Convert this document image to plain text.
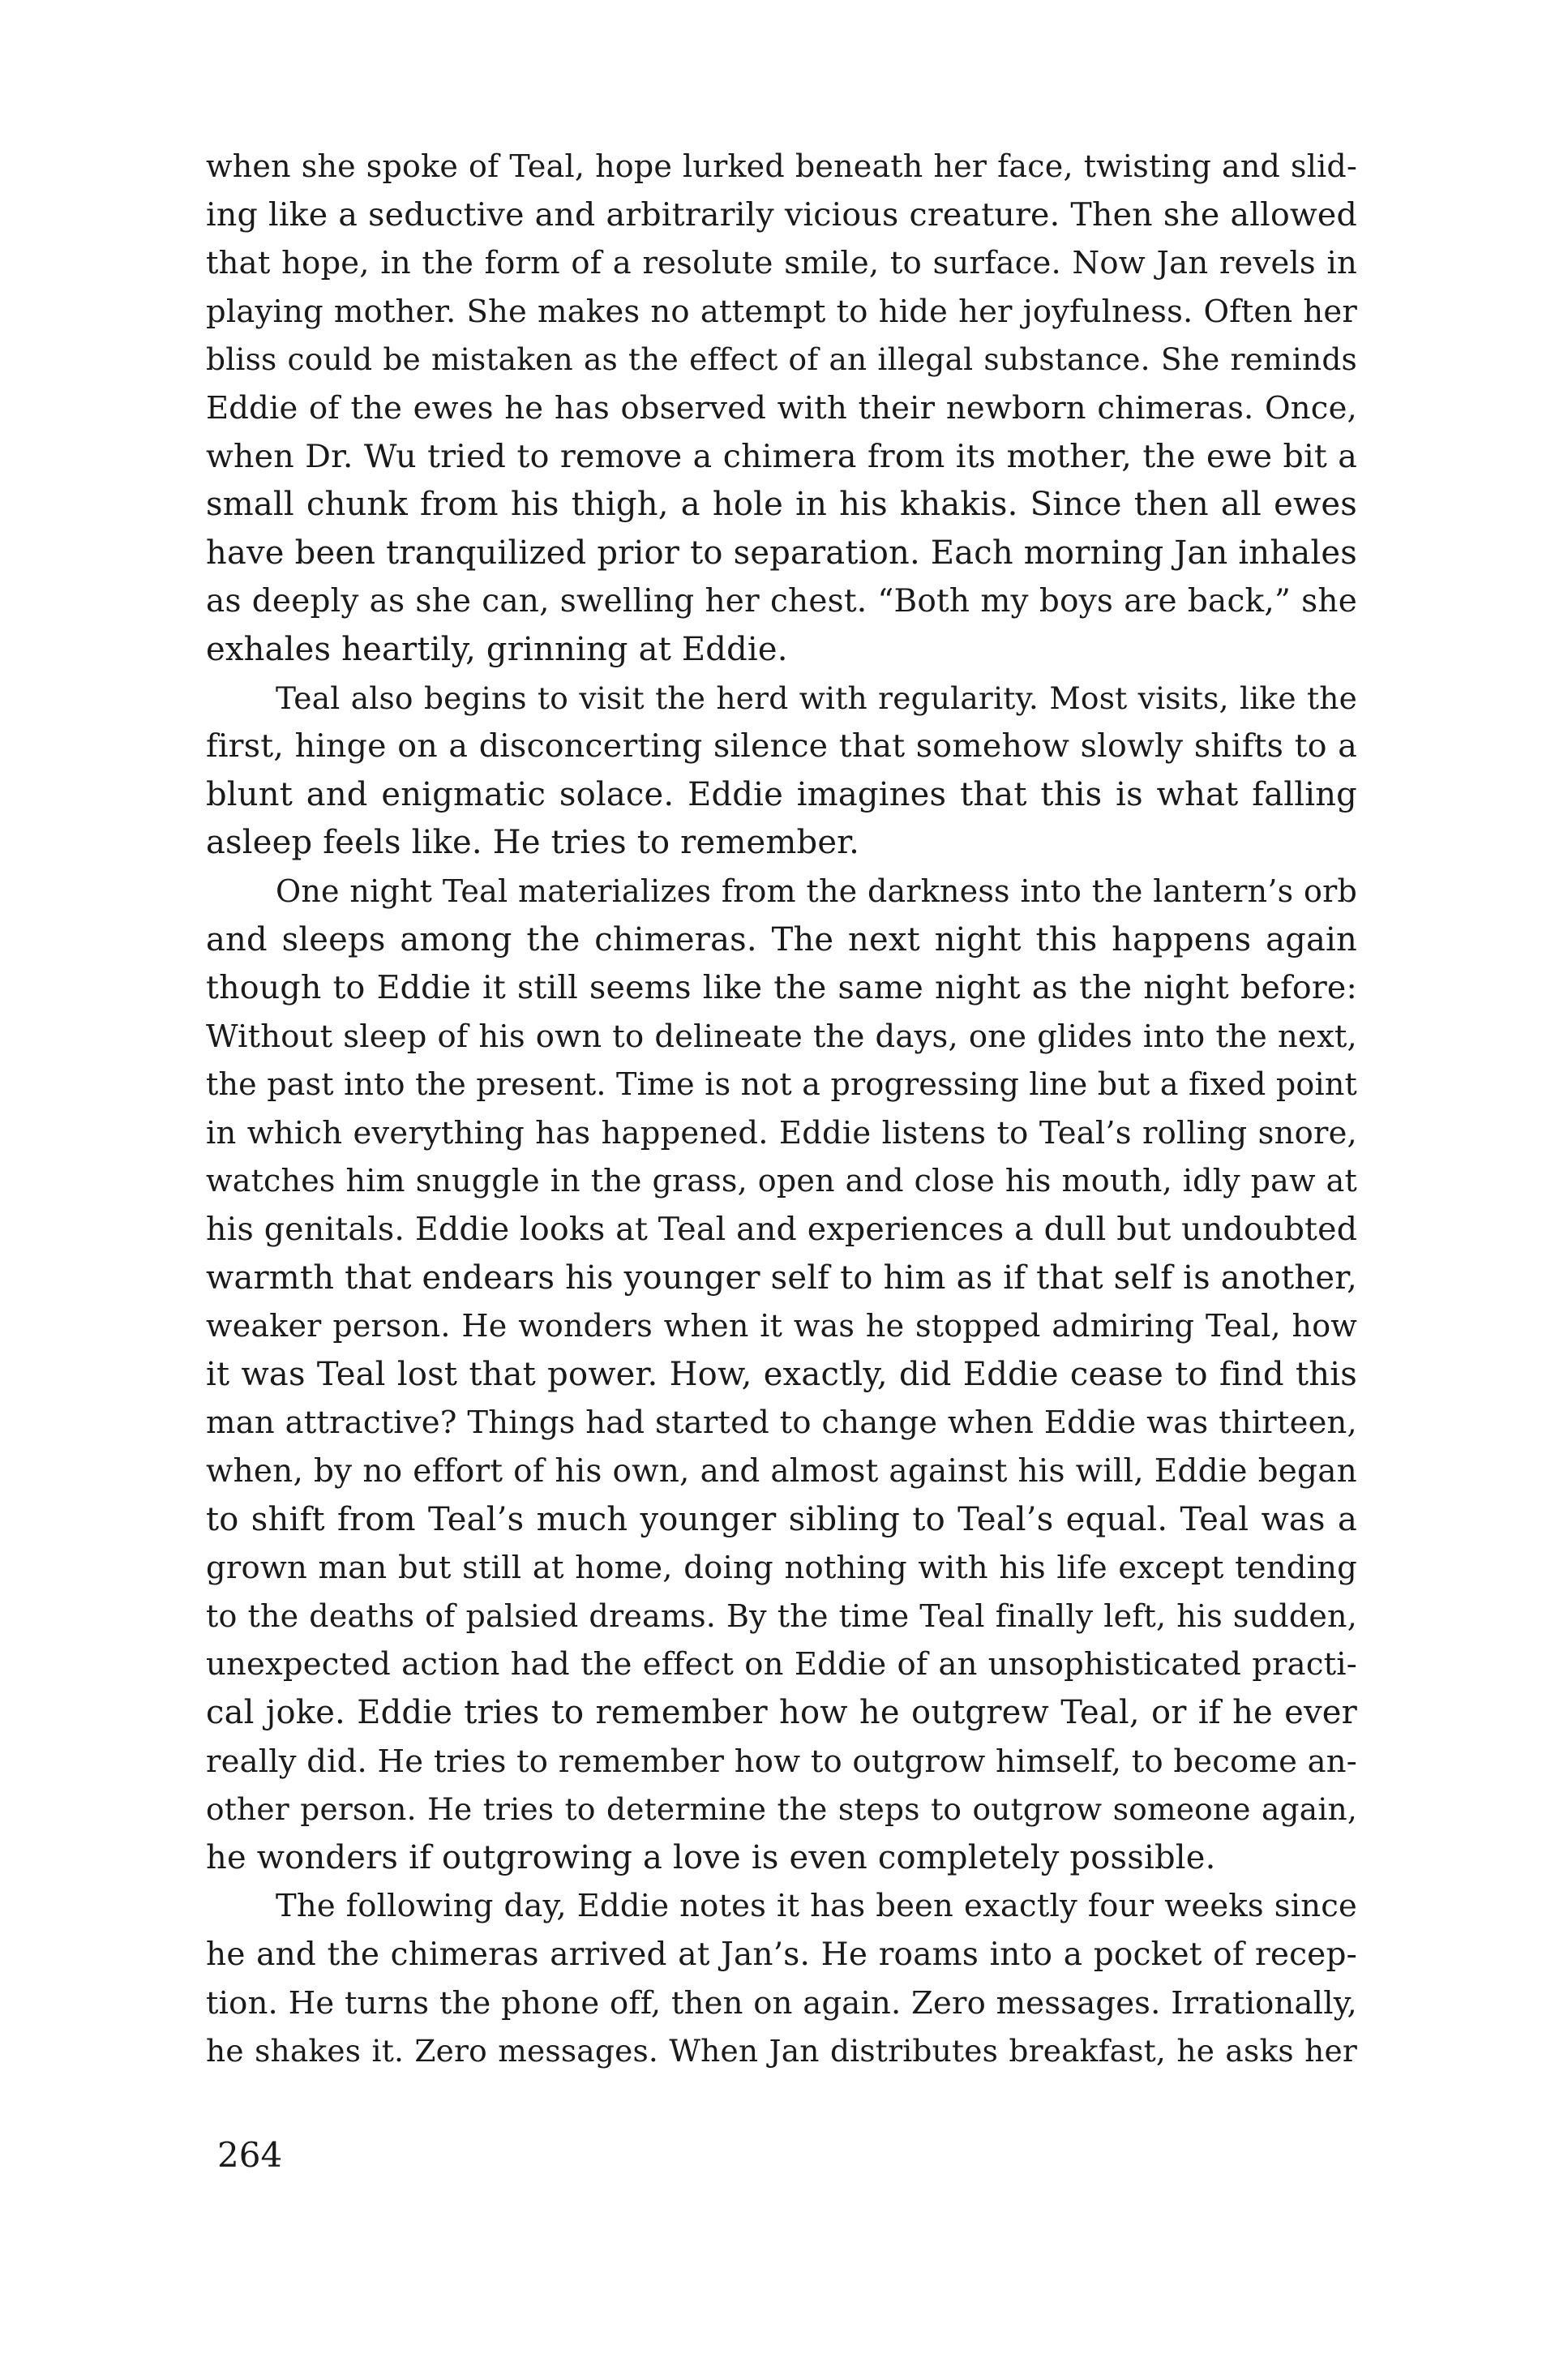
when she spoke of Teal, hope lurked beneath her face, twisting and slid-
ing like a seductive and arbitrarily vicious creature. Then she allowed
that hope, in the form of a resolute smile, to surface. Now Jan revels in
playing mother. She makes no attempt to hide her joyfulness. Often her
bliss could be mistaken as the effect of an illegal substance. She reminds
Eddie of the ewes he has observed with their newborn chimeras. Once,
when Dr. Wu tried to remove a chimera from its mother, the ewe bit a
small chunk from his thigh, a hole in his khakis. Since then all ewes
have been tranquilized prior to separation. Each morning Jan inhales
as deeply as she can, swelling her chest. “Both my boys are back,” she
exhales heartily, grinning at Eddie.
Teal also begins to visit the herd with regularity. Most visits, like the
first, hinge on a disconcerting silence that somehow slowly shifts to a
blunt and enigmatic solace. Eddie imagines that this is what falling
asleep feels like. He tries to remember.
One night Teal materializes from the darkness into the lantern’s orb
and sleeps among the chimeras. The next night this happens again
though to Eddie it still seems like the same night as the night before:
Without sleep of his own to delineate the days, one glides into the next,
the past into the present. Time is not a progressing line but a fixed point
in which everything has happened. Eddie listens to Teal’s rolling snore,
watches him snuggle in the grass, open and close his mouth, idly paw at
his genitals. Eddie looks at Teal and experiences a dull but undoubted
warmth that endears his younger self to him as if that self is another,
weaker person. He wonders when it was he stopped admiring Teal, how
it was Teal lost that power. How, exactly, did Eddie cease to find this
man attractive? Things had started to change when Eddie was thirteen,
when, by no effort of his own, and almost against his will, Eddie began
to shift from Teal’s much younger sibling to Teal’s equal. Teal was a
grown man but still at home, doing nothing with his life except tending
to the deaths of palsied dreams. By the time Teal finally left, his sudden,
unexpected action had the effect on Eddie of an unsophisticated practi-
cal joke. Eddie tries to remember how he outgrew Teal, or if he ever
really did. He tries to remember how to outgrow himself, to become an-
other person. He tries to determine the steps to outgrow someone again,
he wonders if outgrowing a love is even completely possible.
The following day, Eddie notes it has been exactly four weeks since
he and the chimeras arrived at Jan’s. He roams into a pocket of recep-
tion. He turns the phone off, then on again. Zero messages. Irrationally,
he shakes it. Zero messages. When Jan distributes breakfast, he asks her
264
